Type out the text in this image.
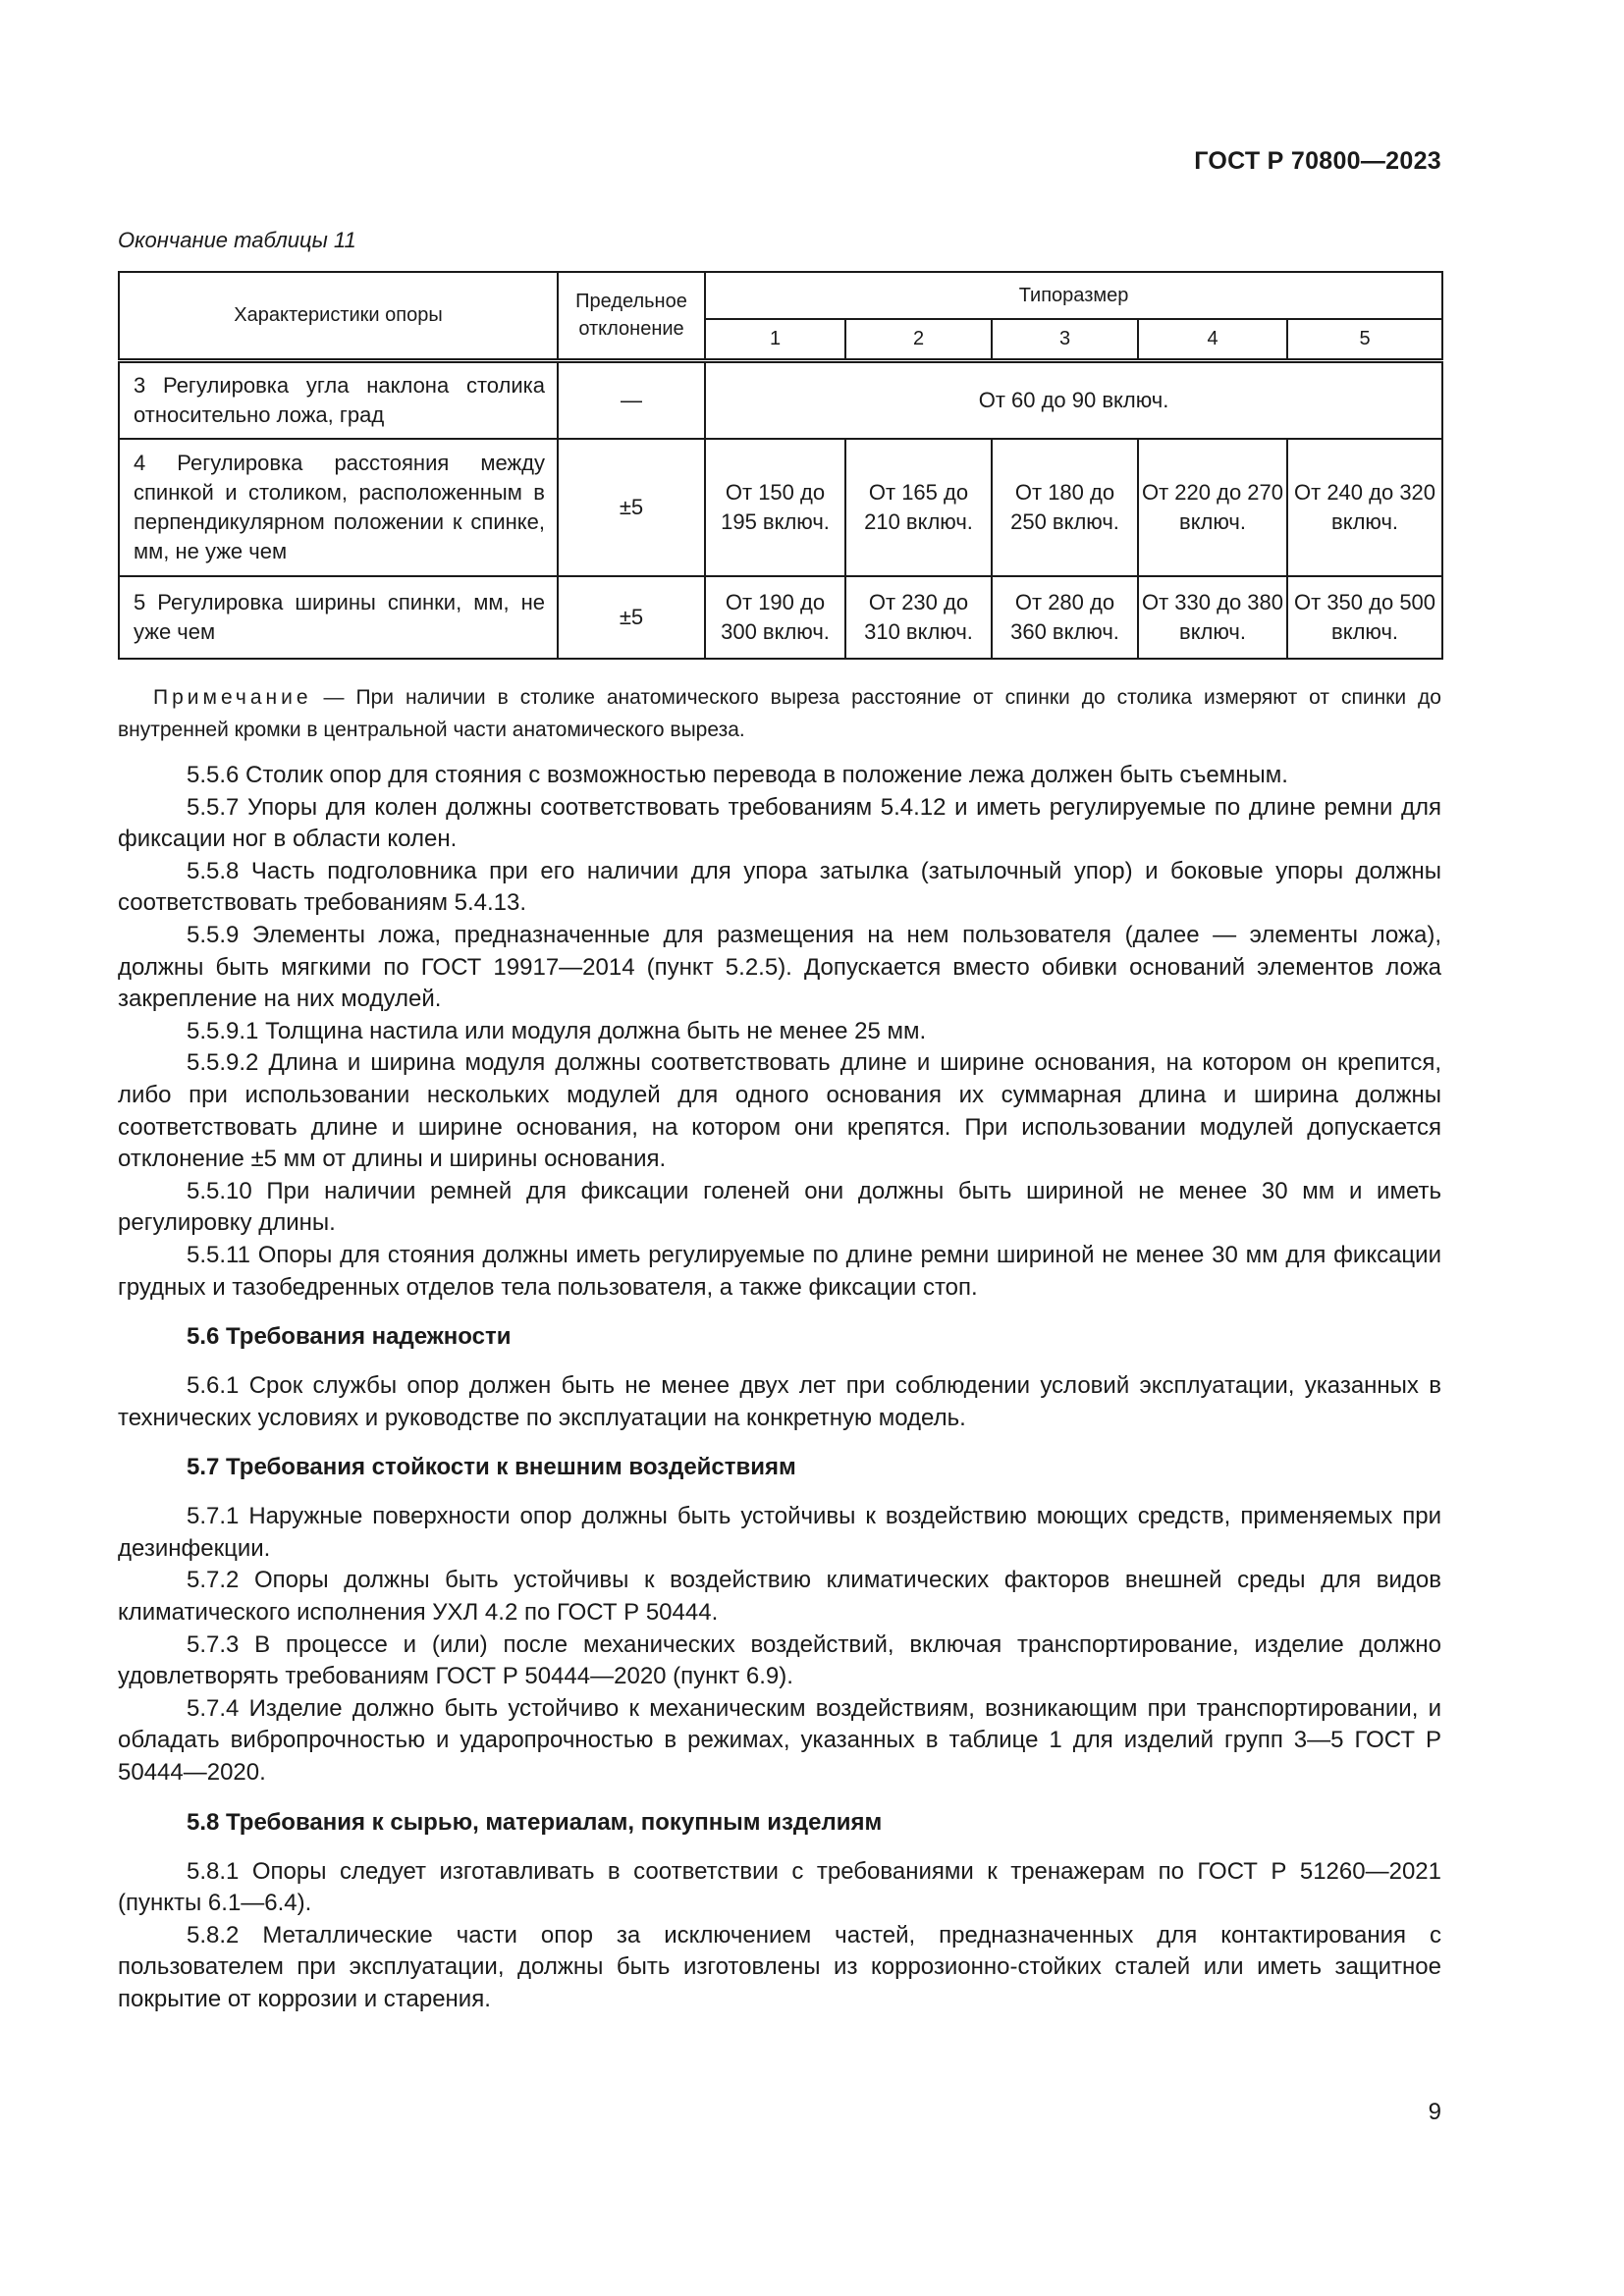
ГОСТ Р 70800—2023
Окончание таблицы 11
Характеристики опоры	Предельное отклонение	Типоразмер				
		1	2	3	4	5
3 Регулировка угла наклона столика относительно ложа, град	—	От 60 до 90 включ.				
4 Регулировка расстояния между спинкой и столиком, расположенным в перпендикулярном положении к спинке, мм, не уже чем	±5	От 150 до 195 включ.	От 165 до 210 включ.	От 180 до 250 включ.	От 220 до 270 включ.	От 240 до 320 включ.
5 Регулировка ширины спинки, мм, не уже чем	±5	От 190 до 300 включ.	От 230 до 310 включ.	От 280 до 360 включ.	От 330 до 380 включ.	От 350 до 500 включ.
Примечание — При наличии в столике анатомического выреза расстояние от спинки до столика измеряют от спинки до внутренней кромки в центральной части анатомического выреза.

5.5.6 Столик опор для стояния с возможностью перевода в положение лежа должен быть съемным.

5.5.7 Упоры для колен должны соответствовать требованиям 5.4.12 и иметь регулируемые по длине ремни для фиксации ног в области колен.

5.5.8 Часть подголовника при его наличии для упора затылка (затылочный упор) и боковые упоры должны соответствовать требованиям 5.4.13.

5.5.9 Элементы ложа, предназначенные для размещения на нем пользователя (далее — элементы ложа), должны быть мягкими по ГОСТ 19917—2014 (пункт 5.2.5). Допускается вместо обивки оснований элементов ложа закрепление на них модулей.

5.5.9.1 Толщина настила или модуля должна быть не менее 25 мм.

5.5.9.2 Длина и ширина модуля должны соответствовать длине и ширине основания, на котором он крепится, либо при использовании нескольких модулей для одного основания их суммарная длина и ширина должны соответствовать длине и ширине основания, на котором они крепятся. При использовании модулей допускается отклонение ±5 мм от длины и ширины основания.

5.5.10 При наличии ремней для фиксации голеней они должны быть шириной не менее 30 мм и иметь регулировку длины.

5.5.11 Опоры для стояния должны иметь регулируемые по длине ремни шириной не менее 30 мм для фиксации грудных и тазобедренных отделов тела пользователя, а также фиксации стоп.

5.6 Требования надежности

5.6.1 Срок службы опор должен быть не менее двух лет при соблюдении условий эксплуатации, указанных в технических условиях и руководстве по эксплуатации на конкретную модель.

5.7 Требования стойкости к внешним воздействиям

5.7.1 Наружные поверхности опор должны быть устойчивы к воздействию моющих средств, применяемых при дезинфекции.

5.7.2 Опоры должны быть устойчивы к воздействию климатических факторов внешней среды для видов климатического исполнения УХЛ 4.2 по ГОСТ Р 50444.

5.7.3 В процессе и (или) после механических воздействий, включая транспортирование, изделие должно удовлетворять требованиям ГОСТ Р 50444—2020 (пункт 6.9).

5.7.4 Изделие должно быть устойчиво к механическим воздействиям, возникающим при транспортировании, и обладать вибропрочностью и ударопрочностью в режимах, указанных в таблице 1 для изделий групп 3—5 ГОСТ Р 50444—2020.

5.8 Требования к сырью, материалам, покупным изделиям

5.8.1 Опоры следует изготавливать в соответствии с требованиями к тренажерам по ГОСТ Р 51260—2021 (пункты 6.1—6.4).

5.8.2 Металлические части опор за исключением частей, предназначенных для контактирования с пользователем при эксплуатации, должны быть изготовлены из коррозионно-стойких сталей или иметь защитное покрытие от коррозии и старения.

9
